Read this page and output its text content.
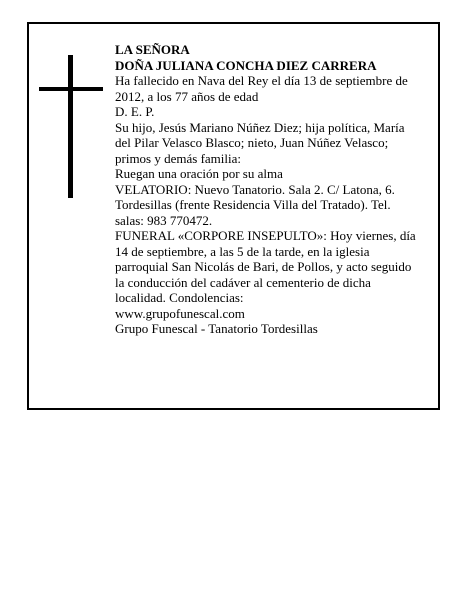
LA SEÑORA

DOÑA JULIANA CONCHA DIEZ CARRERA

Ha fallecido en Nava del Rey el día 13 de septiembre de 2012, a los 77 años de edad

D. E. P.

Su hijo, Jesús Mariano Núñez Diez; hija política, María del Pilar Velasco Blasco; nieto, Juan Núñez Velasco; primos y demás familia:

Ruegan una oración por su alma

VELATORIO: Nuevo Tanatorio. Sala 2. C/ Latona, 6. Tordesillas (frente Residencia Villa del Tratado). Tel. salas: 983 770472.

FUNERAL «CORPORE INSEPULTO»: Hoy viernes, día 14 de septiembre, a las 5 de la tarde, en la iglesia parroquial San Nicolás de Bari, de Pollos, y acto seguido la conducción del cadáver al cementerio de dicha localidad. Condolencias:

www.grupofunescal.com

Grupo Funescal - Tanatorio Tordesillas
